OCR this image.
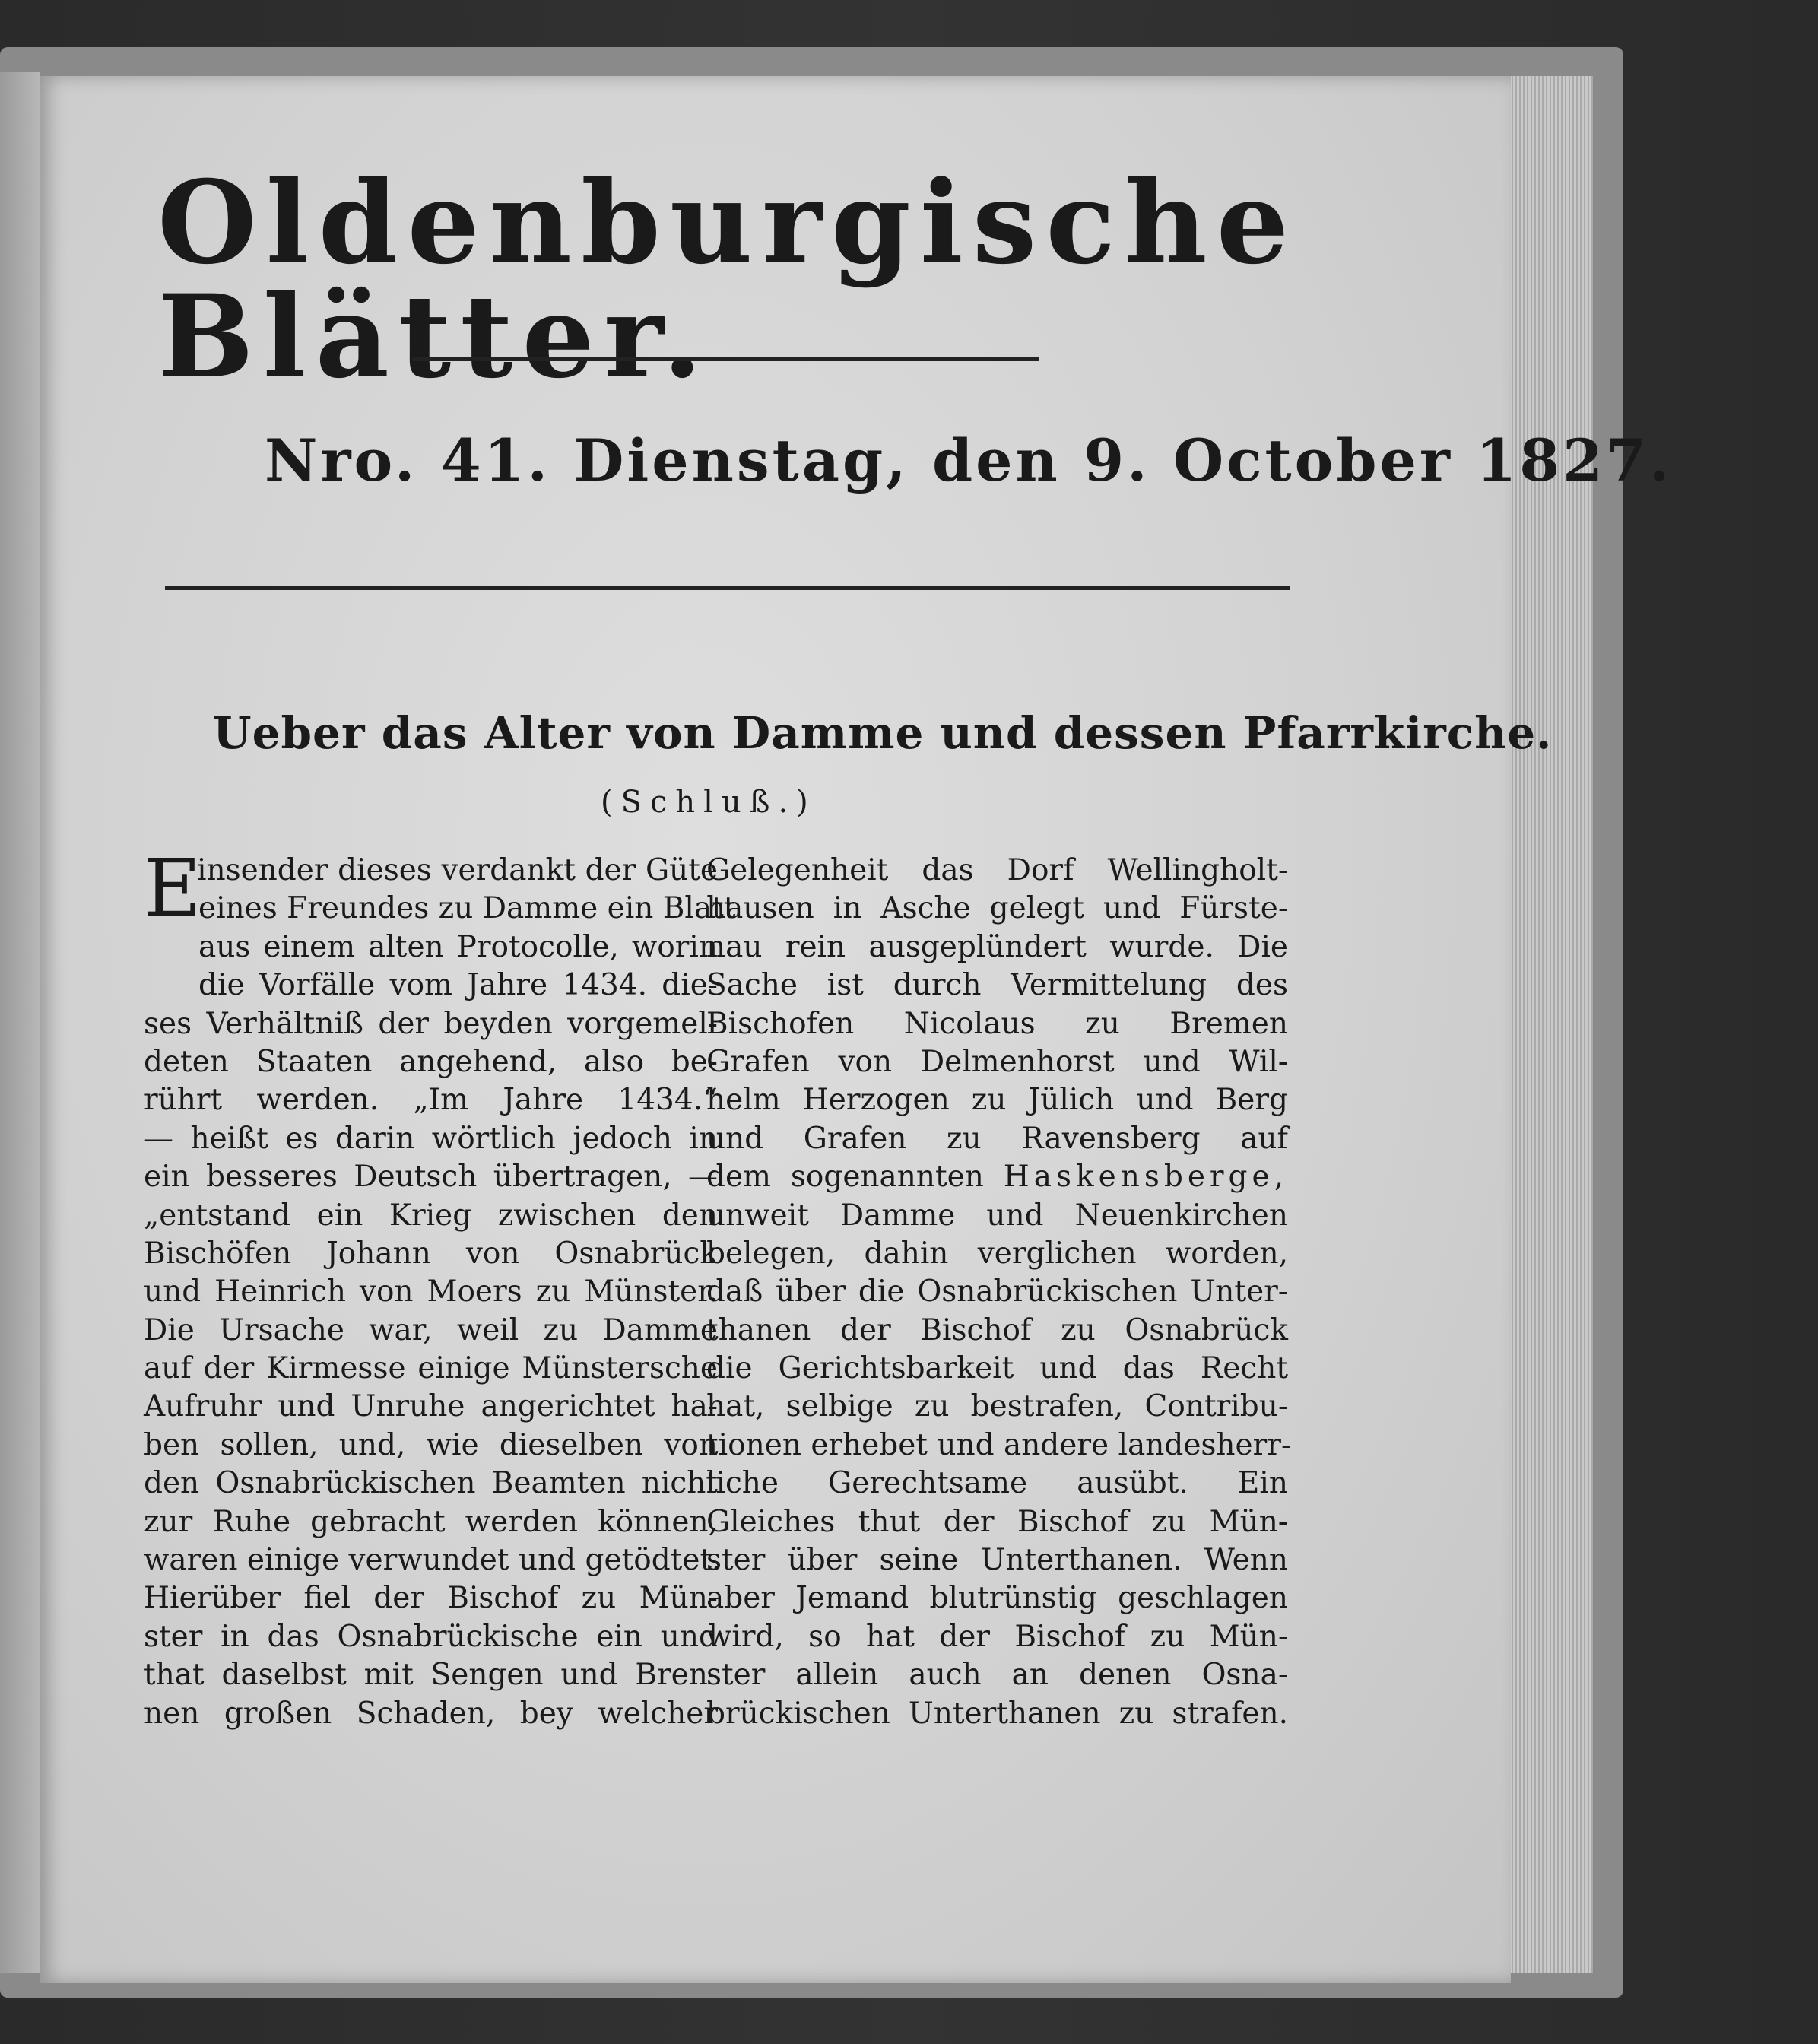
Oldenburgische Blätter.
Nro. 41. Dienstag, den 9. October 1827.
Ueber das Alter von Damme und dessen Pfarrkirche.
(Schluß.)
Einsender dieses verdankt der Güte
eines Freundes zu Damme ein Blatt
aus einem alten Protocolle, worin
die Vorfälle vom Jahre 1434. die-
ses Verhältniß der beyden vorgemel-
deten Staaten angehend, also be-
rührt werden. „Im Jahre 1434.“
— heißt es darin wörtlich jedoch in
ein besseres Deutsch übertragen, —
„entstand ein Krieg zwischen den
Bischöfen Johann von Osnabrück
und Heinrich von Moers zu Münster.
Die Ursache war, weil zu Damme
auf der Kirmesse einige Münstersche
Aufruhr und Unruhe angerichtet ha-
ben sollen, und, wie dieselben von
den Osnabrückischen Beamten nicht
zur Ruhe gebracht werden können,
waren einige verwundet und getödtet.
Hierüber fiel der Bischof zu Mün-
ster in das Osnabrückische ein und
that daselbst mit Sengen und Bren-
nen großen Schaden, bey welcher
Gelegenheit das Dorf Wellingholt-
hausen in Asche gelegt und Fürste-
nau rein ausgeplündert wurde. Die
Sache ist durch Vermittelung des
Bischofen Nicolaus zu Bremen
Grafen von Delmenhorst und Wil-
helm Herzogen zu Jülich und Berg
und Grafen zu Ravensberg auf
dem sogenannten Haskensberge,
unweit Damme und Neuenkirchen
belegen, dahin verglichen worden,
daß über die Osnabrückischen Unter-
thanen der Bischof zu Osnabrück
die Gerichtsbarkeit und das Recht
hat, selbige zu bestrafen, Contribu-
tionen erhebet und andere landesherr-
liche Gerechtsame ausübt. Ein
Gleiches thut der Bischof zu Mün-
ster über seine Unterthanen. Wenn
aber Jemand blutrünstig geschlagen
wird, so hat der Bischof zu Mün-
ster allein auch an denen Osna-
brückischen Unterthanen zu strafen.
